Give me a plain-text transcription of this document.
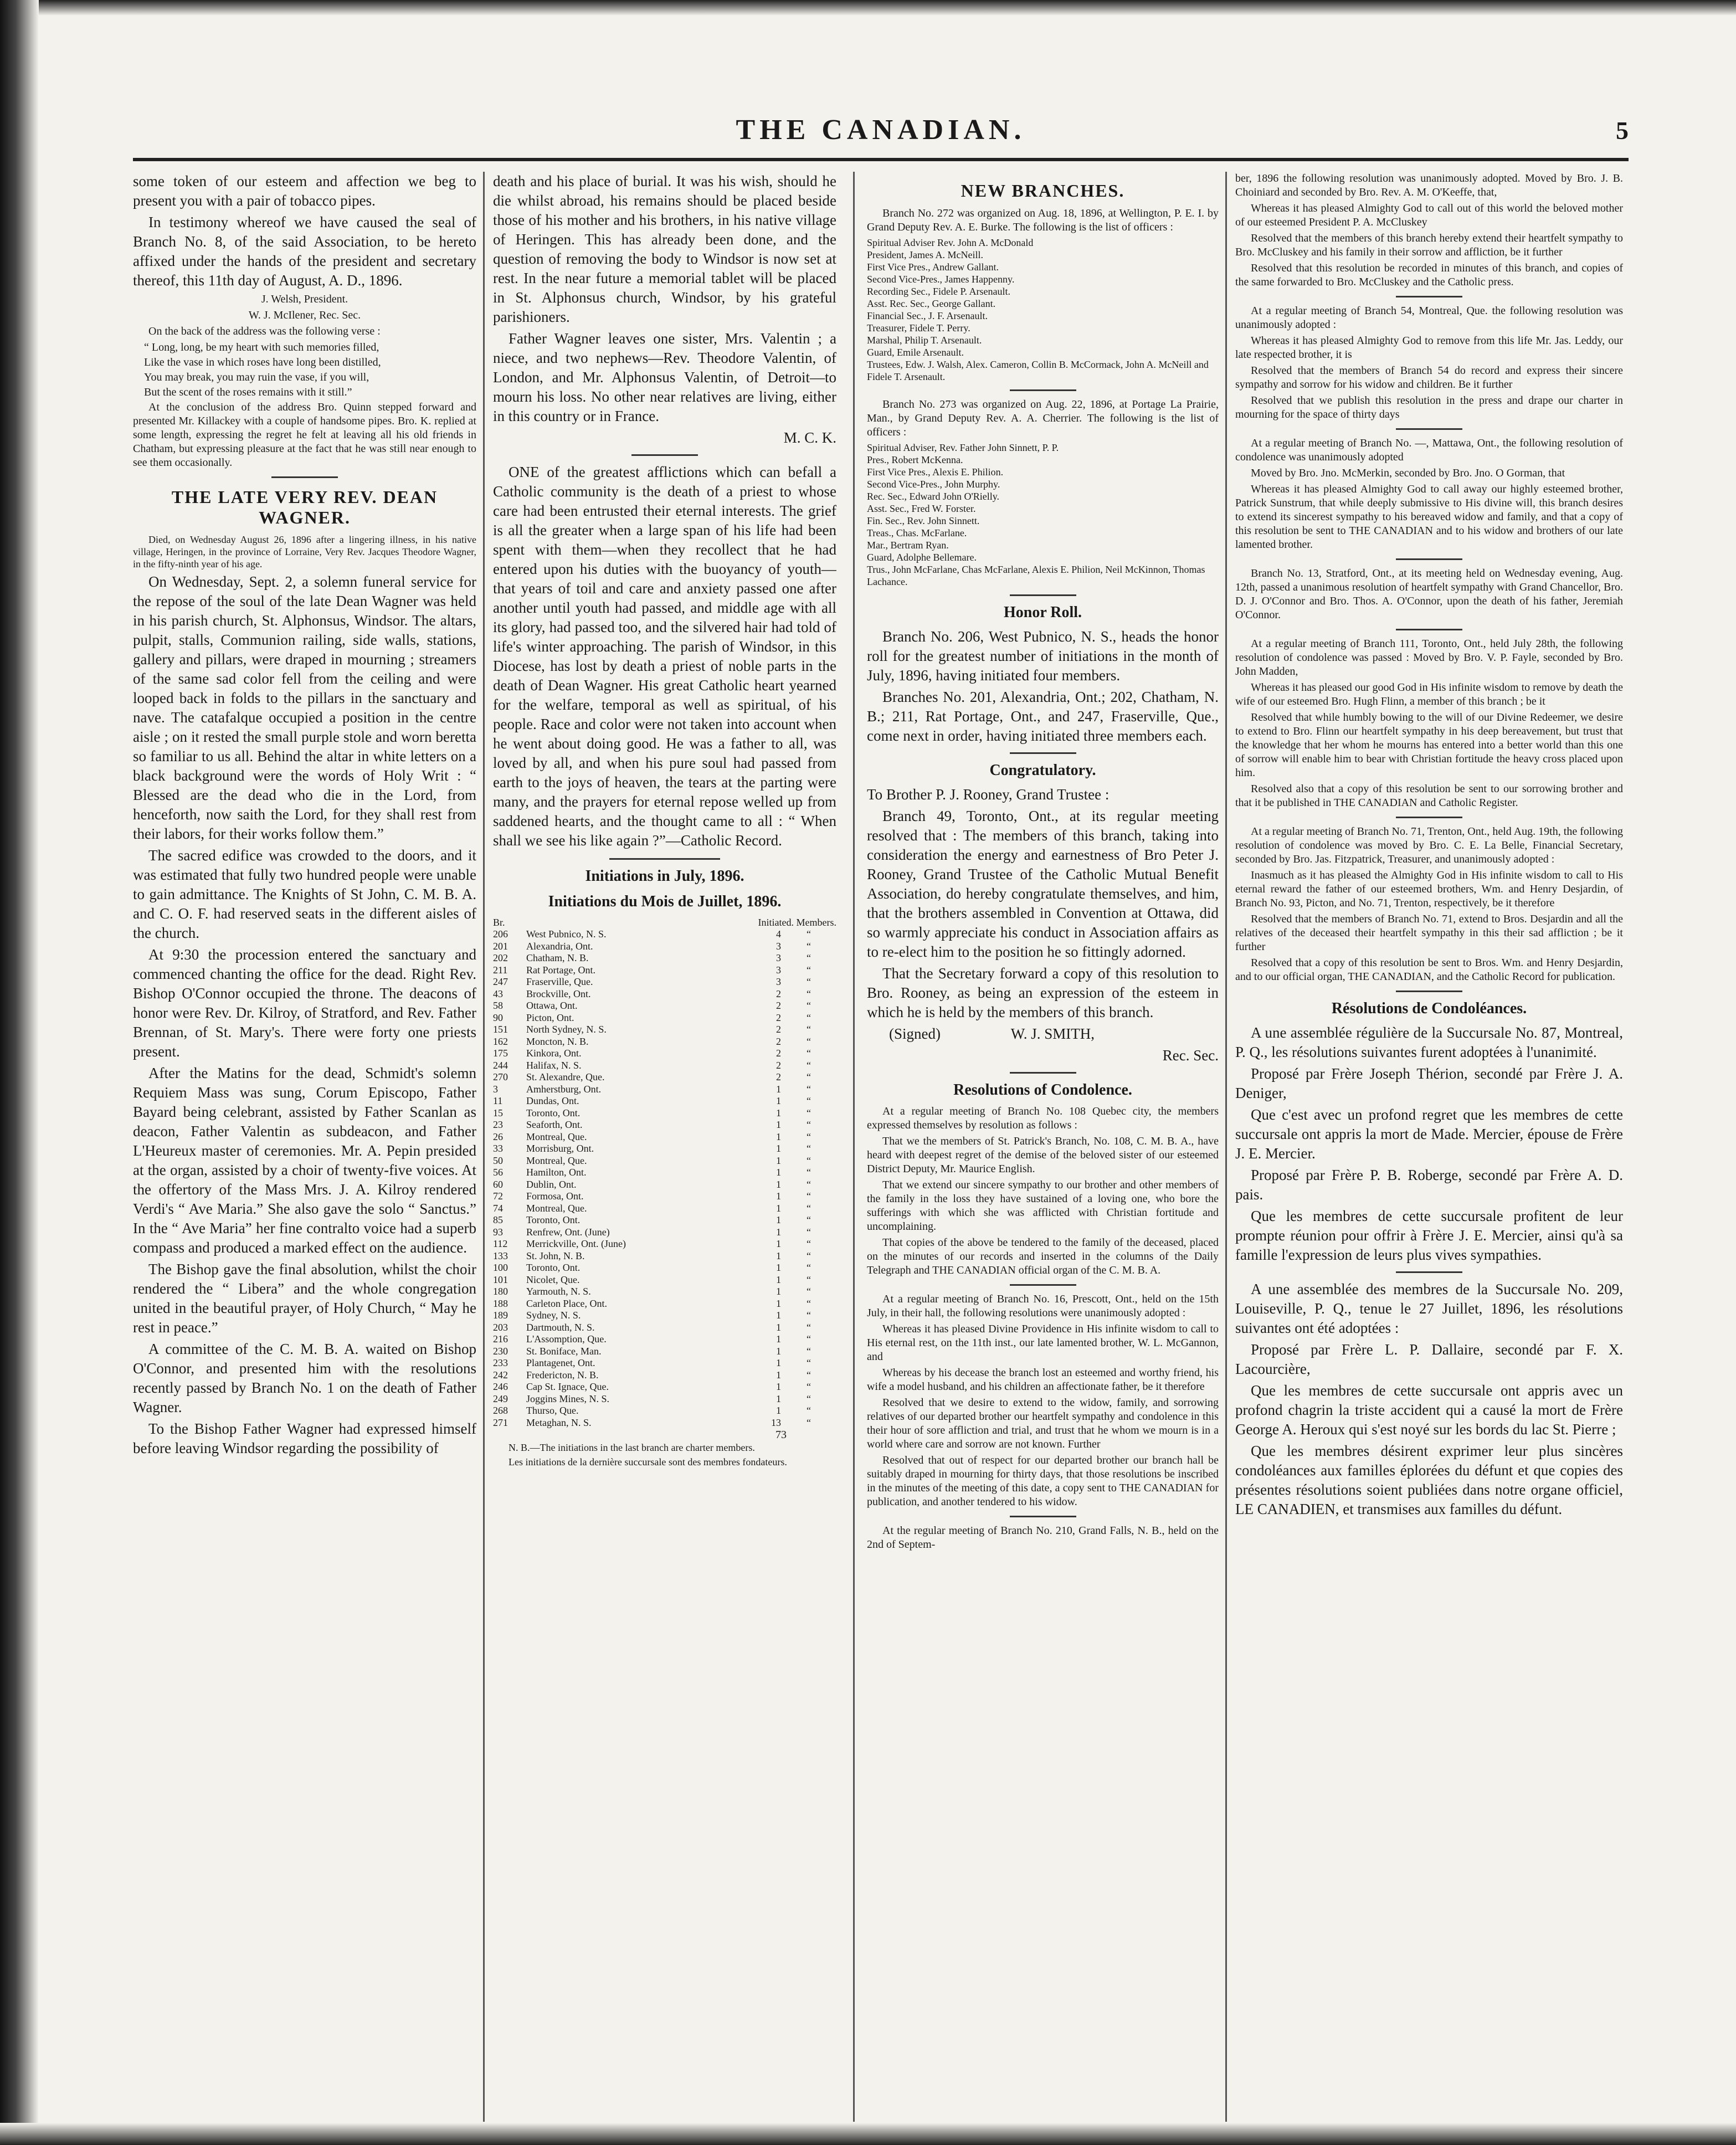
THE CANADIAN.	5

some token of our esteem and affection we beg to present you with a pair of tobacco pipes.

In testimony whereof we have caused the seal of Branch No. 8, of the said Association, to be hereto affixed under the hands of the president and secretary thereof, this 11th day of August, A. D., 1896.

J. Welsh, President.

W. J. McIlener, Rec. Sec.

On the back of the address was the following verse :

“ Long, long, be my heart with such memories filled,
Like the vase in which roses have long been distilled,
You may break, you may ruin the vase, if you will,
But the scent of the roses remains with it still.”

At the conclusion of the address Bro. Quinn stepped forward and presented Mr. Killackey with a couple of handsome pipes. Bro. K. replied at some length, expressing the regret he felt at leaving all his old friends in Chatham, but expressing pleasure at the fact that he was still near enough to see them occasionally.

THE LATE VERY REV. DEAN WAGNER.

Died, on Wednesday August 26, 1896 after a lingering illness, in his native village, Heringen, in the province of Lorraine, Very Rev. Jacques Theodore Wagner, in the fifty-ninth year of his age.

On Wednesday, Sept. 2, a solemn funeral service for the repose of the soul of the late Dean Wagner was held in his parish church, St. Alphonsus, Windsor. The altars, pulpit, stalls, Communion railing, side walls, stations, gallery and pillars, were draped in mourning ; streamers of the same sad color fell from the ceiling and were looped back in folds to the pillars in the sanctuary and nave. The catafalque occupied a position in the centre aisle ; on it rested the small purple stole and worn beretta so familiar to us all. Behind the altar in white letters on a black background were the words of Holy Writ : “ Blessed are the dead who die in the Lord, from henceforth, now saith the Lord, for they shall rest from their labors, for their works follow them.”

The sacred edifice was crowded to the doors, and it was estimated that fully two hundred people were unable to gain admittance. The Knights of St John, C. M. B. A. and C. O. F. had reserved seats in the different aisles of the church.

At 9:30 the procession entered the sanctuary and commenced chanting the office for the dead. Right Rev. Bishop O'Connor occupied the throne. The deacons of honor were Rev. Dr. Kilroy, of Stratford, and Rev. Father Brennan, of St. Mary's. There were forty one priests present.

After the Matins for the dead, Schmidt's solemn Requiem Mass was sung, Corum Episcopo, Father Bayard being celebrant, assisted by Father Scanlan as deacon, Father Valentin as subdeacon, and Father L'Heureux master of ceremonies. Mr. A. Pepin presided at the organ, assisted by a choir of twenty-five voices. At the offertory of the Mass Mrs. J. A. Kilroy rendered Verdi's “ Ave Maria.” She also gave the solo “ Sanctus.” In the “ Ave Maria” her fine contralto voice had a superb compass and produced a marked effect on the audience.

The Bishop gave the final absolution, whilst the choir rendered the “ Libera” and the whole congregation united in the beautiful prayer, of Holy Church, “ May he rest in peace.”

A committee of the C. M. B. A. waited on Bishop O'Connor, and presented him with the resolutions recently passed by Branch No. 1 on the death of Father Wagner.

To the Bishop Father Wagner had expressed himself before leaving Windsor regarding the possibility of

death and his place of burial. It was his wish, should he die whilst abroad, his remains should be placed beside those of his mother and his brothers, in his native village of Heringen. This has already been done, and the question of removing the body to Windsor is now set at rest. In the near future a memorial tablet will be placed in St. Alphonsus church, Windsor, by his grateful parishioners.

Father Wagner leaves one sister, Mrs. Valentin ; a niece, and two nephews—Rev. Theodore Valentin, of London, and Mr. Alphonsus Valentin, of Detroit—to mourn his loss. No other near relatives are living, either in this country or in France.

M. C. K.

ONE of the greatest afflictions which can befall a Catholic community is the death of a priest to whose care had been entrusted their eternal interests. The grief is all the greater when a large span of his life had been spent with them—when they recollect that he had entered upon his duties with the buoyancy of youth—that years of toil and care and anxiety passed one after another until youth had passed, and middle age with all its glory, had passed too, and the silvered hair had told of life's winter approaching. The parish of Windsor, in this Diocese, has lost by death a priest of noble parts in the death of Dean Wagner. His great Catholic heart yearned for the welfare, temporal as well as spiritual, of his people. Race and color were not taken into account when he went about doing good. He was a father to all, was loved by all, and when his pure soul had passed from earth to the joys of heaven, the tears at the parting were many, and the prayers for eternal repose welled up from saddened hearts, and the thought came to all : “ When shall we see his like again ?”—Catholic Record.

Initiations in July, 1896.
Initiations du Mois de Juillet, 1896.
Br.	Initiated. Members.
206	West Pubnico, N. S.	4	“
201	Alexandria, Ont.	3	“
202	Chatham, N. B.	3	“
211	Rat Portage, Ont.	3	“
247	Fraserville, Que.	3	“
43	Brockville, Ont.	2	“
58	Ottawa, Ont.	2	“
90	Picton, Ont.	2	“
151	North Sydney, N. S.	2	“
162	Moncton, N. B.	2	“
175	Kinkora, Ont.	2	“
244	Halifax, N. S.	2	“
270	St. Alexandre, Que.	2	“
3	Amherstburg, Ont.	1	“
11	Dundas, Ont.	1	“
15	Toronto, Ont.	1	“
23	Seaforth, Ont.	1	“
26	Montreal, Que.	1	“
33	Morrisburg, Ont.	1	“
50	Montreal, Que.	1	“
56	Hamilton, Ont.	1	“
60	Dublin, Ont.	1	“
72	Formosa, Ont.	1	“
74	Montreal, Que.	1	“
85	Toronto, Ont.	1	“
93	Renfrew, Ont. (June)	1	“
112	Merrickville, Ont. (June)	1	“
133	St. John, N. B.	1	“
100	Toronto, Ont.	1	“
101	Nicolet, Que.	1	“
180	Yarmouth, N. S.	1	“
188	Carleton Place, Ont.	1	“
189	Sydney, N. S.	1	“
203	Dartmouth, N. S.	1	“
216	L'Assomption, Que.	1	“
230	St. Boniface, Man.	1	“
233	Plantagenet, Ont.	1	“
242	Fredericton, N. B.	1	“
246	Cap St. Ignace, Que.	1	“
249	Joggins Mines, N. S.	1	“
268	Thurso, Que.	1	“
271	Metaghan, N. S.	13	“
73

N. B.—The initiations in the last branch are charter members.

Les initiations de la dernière succursale sont des membres fondateurs.

NEW BRANCHES.

Branch No. 272 was organized on Aug. 18, 1896, at Wellington, P. E. I. by Grand Deputy Rev. A. E. Burke. The following is the list of officers :

Spiritual Adviser Rev. John A. McDonald
President, James A. McNeill.
First Vice Pres., Andrew Gallant.
Second Vice-Pres., James Happenny.
Recording Sec., Fidele P. Arsenault.
Asst. Rec. Sec., George Gallant.
Financial Sec., J. F. Arsenault.
Treasurer, Fidele T. Perry.
Marshal, Philip T. Arsenault.
Guard, Emile Arsenault.
Trustees, Edw. J. Walsh, Alex. Cameron, Collin B. McCormack, John A. McNeill and Fidele T. Arsenault.

Branch No. 273 was organized on Aug. 22, 1896, at Portage La Prairie, Man., by Grand Deputy Rev. A. A. Cherrier. The following is the list of officers :

Spiritual Adviser, Rev. Father John Sinnett, P. P.
Pres., Robert McKenna.
First Vice Pres., Alexis E. Philion.
Second Vice-Pres., John Murphy.
Rec. Sec., Edward John O'Rielly.
Asst. Sec., Fred W. Forster.
Fin. Sec., Rev. John Sinnett.
Treas., Chas. McFarlane.
Mar., Bertram Ryan.
Guard, Adolphe Bellemare.
Trus., John McFarlane, Chas McFarlane, Alexis E. Philion, Neil McKinnon, Thomas Lachance.
Honor Roll.

Branch No. 206, West Pubnico, N. S., heads the honor roll for the greatest number of initiations in the month of July, 1896, having initiated four members.

Branches No. 201, Alexandria, Ont.; 202, Chatham, N. B.; 211, Rat Portage, Ont., and 247, Fraserville, Que., come next in order, having initiated three members each.

Congratulatory.

To Brother P. J. Rooney, Grand Trustee :

Branch 49, Toronto, Ont., at its regular meeting resolved that : The members of this branch, taking into consideration the energy and earnestness of Bro Peter J. Rooney, Grand Trustee of the Catholic Mutual Benefit Association, do hereby congratulate themselves, and him, that the brothers assembled in Convention at Ottawa, did so warmly appreciate his conduct in Association affairs as to re-elect him to the position he so fittingly adorned.

That the Secretary forward a copy of this resolution to Bro. Rooney, as being an expression of the esteem in which he is held by the members of this branch.

(Signed)	W. J. SMITH,

Rec. Sec.

Resolutions of Condolence.

At a regular meeting of Branch No. 108 Quebec city, the members expressed themselves by resolution as follows :

That we the members of St. Patrick's Branch, No. 108, C. M. B. A., have heard with deepest regret of the demise of the beloved sister of our esteemed District Deputy, Mr. Maurice English.

That we extend our sincere sympathy to our brother and other members of the family in the loss they have sustained of a loving one, who bore the sufferings with which she was afflicted with Christian fortitude and uncomplaining.

That copies of the above be tendered to the family of the deceased, placed on the minutes of our records and inserted in the columns of the Daily Telegraph and THE CANADIAN official organ of the C. M. B. A.

At a regular meeting of Branch No. 16, Prescott, Ont., held on the 15th July, in their hall, the following resolutions were unanimously adopted :

Whereas it has pleased Divine Providence in His infinite wisdom to call to His eternal rest, on the 11th inst., our late lamented brother, W. L. McGannon, and

Whereas by his decease the branch lost an esteemed and worthy friend, his wife a model husband, and his children an affectionate father, be it therefore

Resolved that we desire to extend to the widow, family, and sorrowing relatives of our departed brother our heartfelt sympathy and condolence in this their hour of sore affliction and trial, and trust that he whom we mourn is in a world where care and sorrow are not known. Further

Resolved that out of respect for our departed brother our branch hall be suitably draped in mourning for thirty days, that those resolutions be inscribed in the minutes of the meeting of this date, a copy sent to THE CANADIAN for publication, and another tendered to his widow.

At the regular meeting of Branch No. 210, Grand Falls, N. B., held on the 2nd of Septem-

ber, 1896 the following resolution was unanimously adopted. Moved by Bro. J. B. Choiniard and seconded by Bro. Rev. A. M. O'Keeffe, that,

Whereas it has pleased Almighty God to call out of this world the beloved mother of our esteemed President P. A. McCluskey

Resolved that the members of this branch hereby extend their heartfelt sympathy to Bro. McCluskey and his family in their sorrow and affliction, be it further

Resolved that this resolution be recorded in minutes of this branch, and copies of the same forwarded to Bro. McCluskey and the Catholic press.

At a regular meeting of Branch 54, Montreal, Que. the following resolution was unanimously adopted :

Whereas it has pleased Almighty God to remove from this life Mr. Jas. Leddy, our late respected brother, it is

Resolved that the members of Branch 54 do record and express their sincere sympathy and sorrow for his widow and children. Be it further

Resolved that we publish this resolution in the press and drape our charter in mourning for the space of thirty days

At a regular meeting of Branch No. —, Mattawa, Ont., the following resolution of condolence was unanimously adopted

Moved by Bro. Jno. McMerkin, seconded by Bro. Jno. O Gorman, that

Whereas it has pleased Almighty God to call away our highly esteemed brother, Patrick Sunstrum, that while deeply submissive to His divine will, this branch desires to extend its sincerest sympathy to his bereaved widow and family, and that a copy of this resolution be sent to THE CANADIAN and to his widow and brothers of our late lamented brother.

Branch No. 13, Stratford, Ont., at its meeting held on Wednesday evening, Aug. 12th, passed a unanimous resolution of heartfelt sympathy with Grand Chancellor, Bro. D. J. O'Connor and Bro. Thos. A. O'Connor, upon the death of his father, Jeremiah O'Connor.

At a regular meeting of Branch 111, Toronto, Ont., held July 28th, the following resolution of condolence was passed : Moved by Bro. V. P. Fayle, seconded by Bro. John Madden,

Whereas it has pleased our good God in His infinite wisdom to remove by death the wife of our esteemed Bro. Hugh Flinn, a member of this branch ; be it

Resolved that while humbly bowing to the will of our Divine Redeemer, we desire to extend to Bro. Flinn our heartfelt sympathy in his deep bereavement, but trust that the knowledge that her whom he mourns has entered into a better world than this one of sorrow will enable him to bear with Christian fortitude the heavy cross placed upon him.

Resolved also that a copy of this resolution be sent to our sorrowing brother and that it be published in THE CANADIAN and Catholic Register.

At a regular meeting of Branch No. 71, Trenton, Ont., held Aug. 19th, the following resolution of condolence was moved by Bro. C. E. La Belle, Financial Secretary, seconded by Bro. Jas. Fitzpatrick, Treasurer, and unanimously adopted :

Inasmuch as it has pleased the Almighty God in His infinite wisdom to call to His eternal reward the father of our esteemed brothers, Wm. and Henry Desjardin, of Branch No. 93, Picton, and No. 71, Trenton, respectively, be it therefore

Resolved that the members of Branch No. 71, extend to Bros. Desjardin and all the relatives of the deceased their heartfelt sympathy in this their sad affliction ; be it further

Resolved that a copy of this resolution be sent to Bros. Wm. and Henry Desjardin, and to our official organ, THE CANADIAN, and the Catholic Record for publication.

Résolutions de Condoléances.

A une assemblée régulière de la Succursale No. 87, Montreal, P. Q., les résolutions suivantes furent adoptées à l'unanimité.

Proposé par Frère Joseph Thérion, secondé par Frère J. A. Deniger,

Que c'est avec un profond regret que les membres de cette succursale ont appris la mort de Made. Mercier, épouse de Frère J. E. Mercier.

Proposé par Frère P. B. Roberge, secondé par Frère A. D. pais.

Que les membres de cette succursale profitent de leur prompte réunion pour offrir à Frère J. E. Mercier, ainsi qu'à sa famille l'expression de leurs plus vives sympathies.

A une assemblée des membres de la Succursale No. 209, Louiseville, P. Q., tenue le 27 Juillet, 1896, les résolutions suivantes ont été adoptées :

Proposé par Frère L. P. Dallaire, secondé par F. X. Lacourcière,

Que les membres de cette succursale ont appris avec un profond chagrin la triste accident qui a causé la mort de Frère George A. Heroux qui s'est noyé sur les bords du lac St. Pierre ;

Que les membres désirent exprimer leur plus sincères condoléances aux familles éplorées du défunt et que copies des présentes résolutions soient publiées dans notre organe officiel, LE CANADIEN, et transmises aux familles du défunt.
